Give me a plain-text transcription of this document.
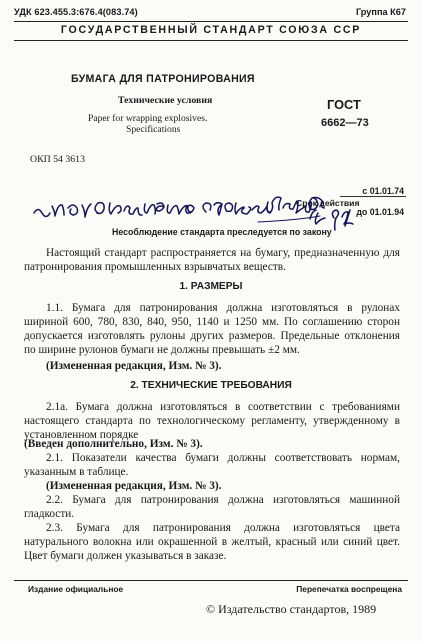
УДК 623.455.3:676.4(083.74)	Группа К67
ГОСУДАРСТВЕННЫЙ СТАНДАРТ СОЮЗА ССР
БУМАГА ДЛЯ ПАТРОНИРОВАНИЯ
Технические условия
Paper for wrapping explosives.
Specifications
ГОСТ
6662—73
ОКП 54 3613
с 01.01.74
Срок действия
до 01.01.94
Несоблюдение стандарта преследуется по закону
Настоящий стандарт распространяется на бумагу, предназначенную для патронирования промышленных взрывчатых веществ.
1. РАЗМЕРЫ
1.1. Бумага для патронирования должна изготовляться в рулонах шириной 600, 780, 830, 840, 950, 1140 и 1250 мм. По соглашению сторон допускается изготовлять рулоны других размеров. Предельные отклонения по ширине рулонов бумаги не должны превышать ±2 мм.
(Измененная редакция, Изм. № 3).
2. ТЕХНИЧЕСКИЕ ТРЕБОВАНИЯ
2.1а. Бумага должна изготовляться в соответствии с требованиями настоящего стандарта по технологическому регламенту, утвержденному в установленном порядке
(Введен дополнительно, Изм. № 3).
2.1. Показатели качества бумаги должны соответствовать нормам, указанным в таблице.
(Измененная редакция, Изм. № 3).
2.2. Бумага для патронирования должна изготовляться машинной гладкости.
2.3. Бумага для патронирования должна изготовляться цвета натурального волокна или окрашенной в желтый, красный или синий цвет. Цвет бумаги должен указываться в заказе.
Издание официальное	Перепечатка воспрещена
© Издательство стандартов, 1989
